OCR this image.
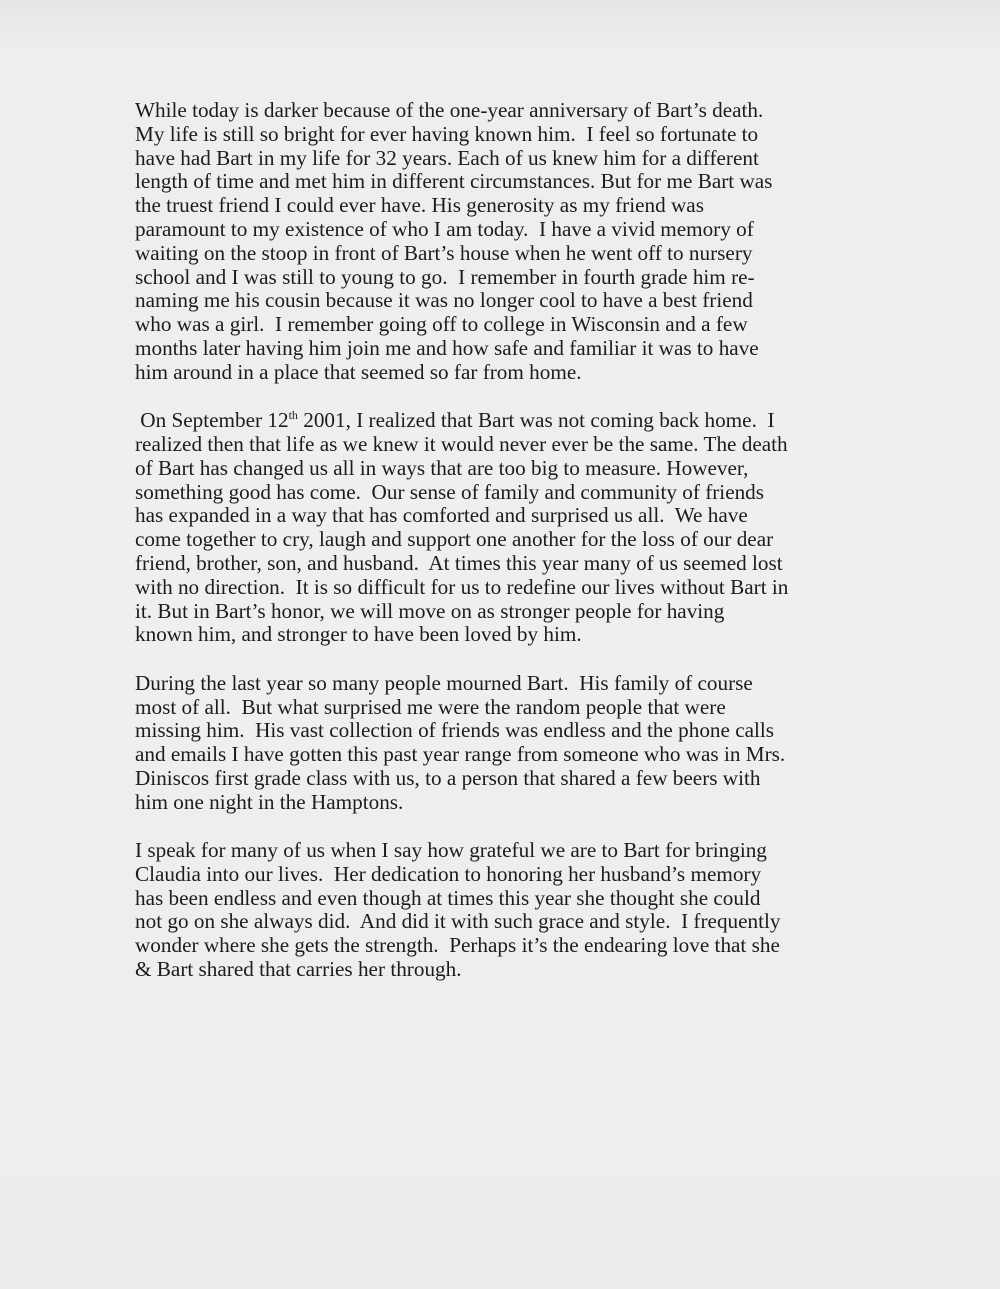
While today is darker because of the one-year anniversary of Bart’s death.
My life is still so bright for ever having known him.  I feel so fortunate to
have had Bart in my life for 32 years. Each of us knew him for a different
length of time and met him in different circumstances. But for me Bart was
the truest friend I could ever have. His generosity as my friend was
paramount to my existence of who I am today.  I have a vivid memory of
waiting on the stoop in front of Bart’s house when he went off to nursery
school and I was still to young to go.  I remember in fourth grade him re-
naming me his cousin because it was no longer cool to have a best friend
who was a girl.  I remember going off to college in Wisconsin and a few
months later having him join me and how safe and familiar it was to have
him around in a place that seemed so far from home.

On September 12th 2001, I realized that Bart was not coming back home.  I
realized then that life as we knew it would never ever be the same. The death
of Bart has changed us all in ways that are too big to measure. However,
something good has come.  Our sense of family and community of friends
has expanded in a way that has comforted and surprised us all.  We have
come together to cry, laugh and support one another for the loss of our dear
friend, brother, son, and husband.  At times this year many of us seemed lost
with no direction.  It is so difficult for us to redefine our lives without Bart in
it. But in Bart’s honor, we will move on as stronger people for having
known him, and stronger to have been loved by him.

During the last year so many people mourned Bart.  His family of course
most of all.  But what surprised me were the random people that were
missing him.  His vast collection of friends was endless and the phone calls
and emails I have gotten this past year range from someone who was in Mrs.
Diniscos first grade class with us, to a person that shared a few beers with
him one night in the Hamptons.

I speak for many of us when I say how grateful we are to Bart for bringing
Claudia into our lives.  Her dedication to honoring her husband’s memory
has been endless and even though at times this year she thought she could
not go on she always did.  And did it with such grace and style.  I frequently
wonder where she gets the strength.  Perhaps it’s the endearing love that she
& Bart shared that carries her through.
